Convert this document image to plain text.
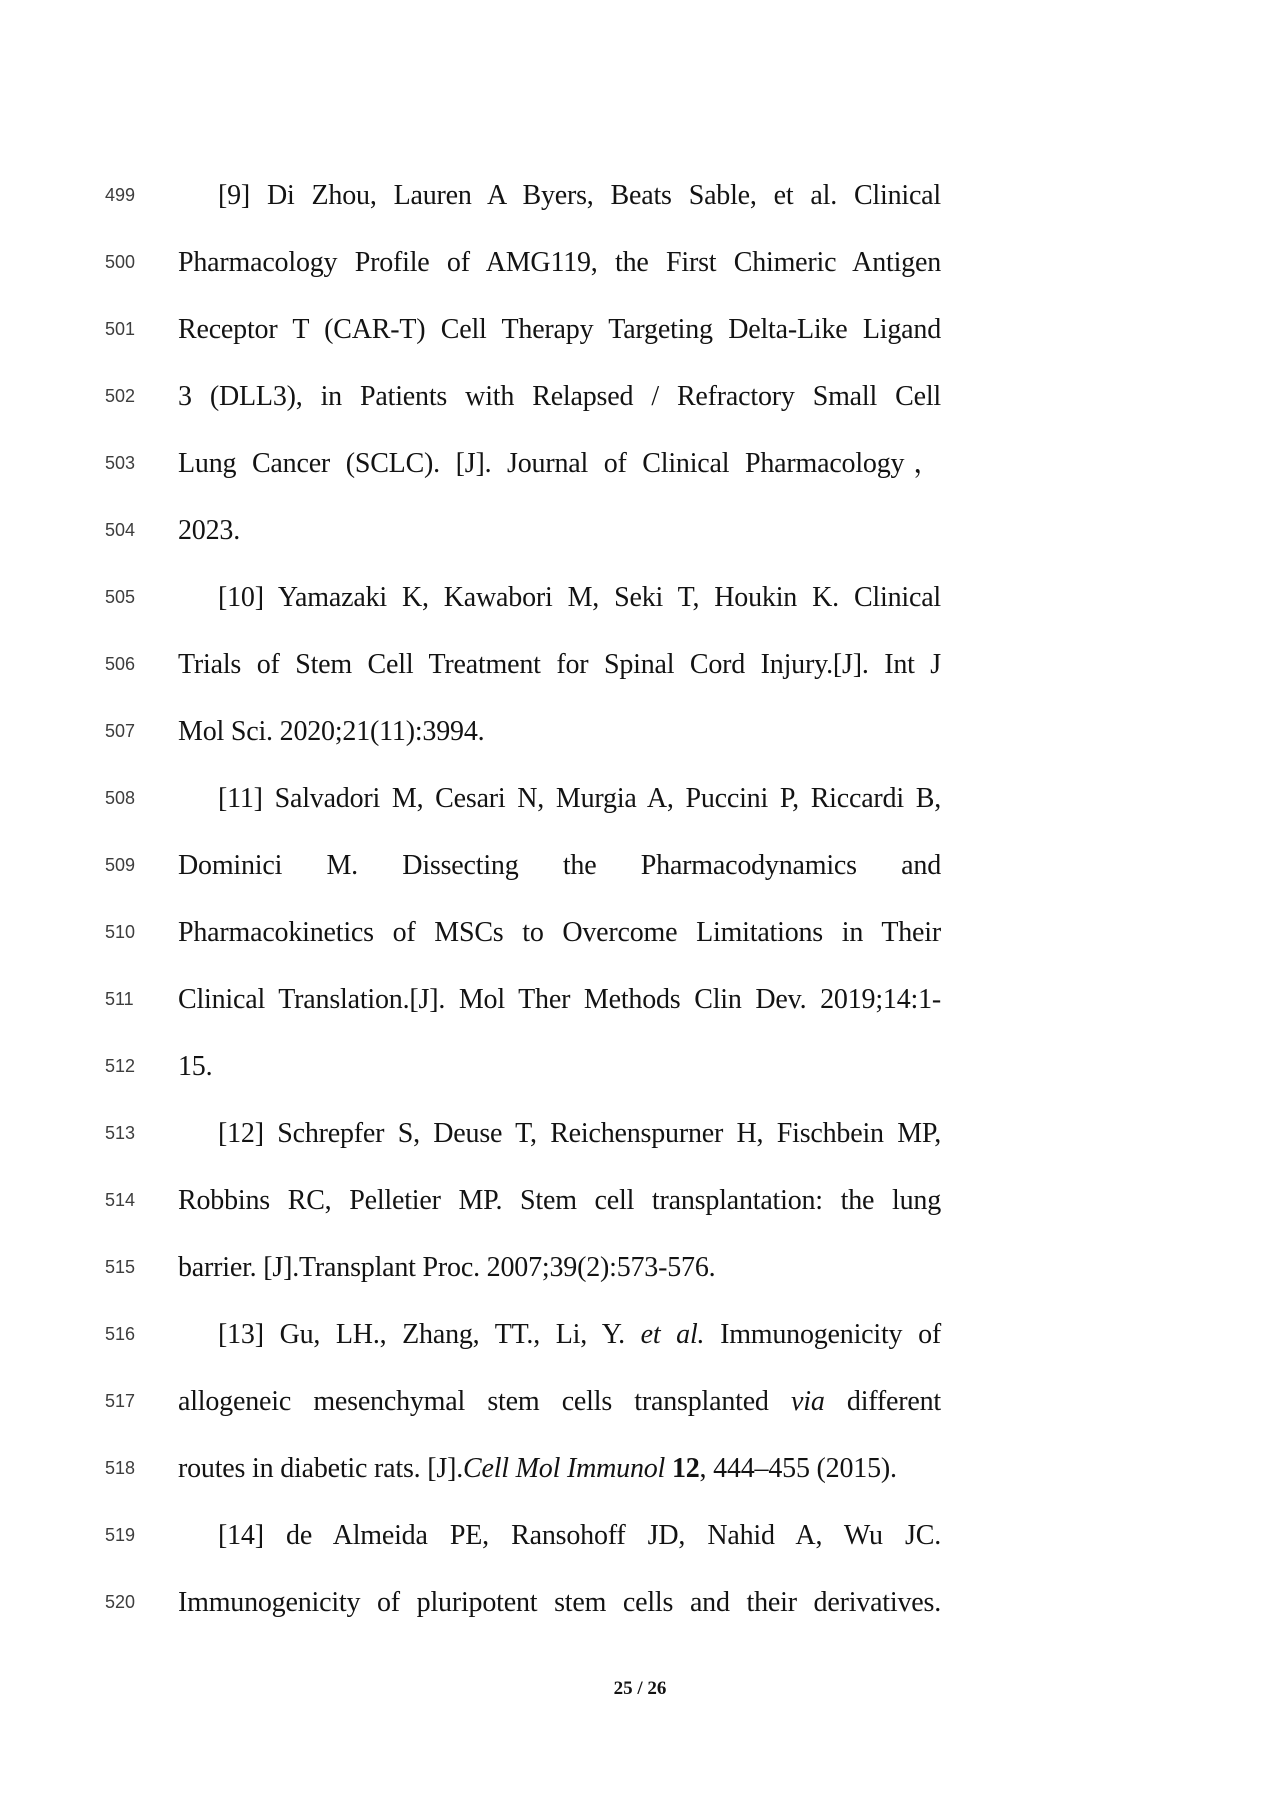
499	[9] Di Zhou, Lauren A Byers, Beats Sable, et al. Clinical
500 Pharmacology Profile of AMG119, the First Chimeric Antigen
501 Receptor T (CAR-T) Cell Therapy Targeting Delta-Like Ligand
502 3 (DLL3), in Patients with Relapsed / Refractory Small Cell
503 Lung Cancer (SCLC). [J]. Journal of Clinical Pharmacology，
504 2023.
505	[10] Yamazaki K, Kawabori M, Seki T, Houkin K. Clinical
506 Trials of Stem Cell Treatment for Spinal Cord Injury.[J]. Int J
507 Mol Sci. 2020;21(11):3994.
508	[11] Salvadori M, Cesari N, Murgia A, Puccini P, Riccardi B,
509 Dominici M. Dissecting the Pharmacodynamics and
510 Pharmacokinetics of MSCs to Overcome Limitations in Their
511 Clinical Translation.[J]. Mol Ther Methods Clin Dev. 2019;14:1-
512 15.
513	[12] Schrepfer S, Deuse T, Reichenspurner H, Fischbein MP,
514 Robbins RC, Pelletier MP. Stem cell transplantation: the lung
515 barrier. [J].Transplant Proc. 2007;39(2):573-576.
516	[13] Gu, LH., Zhang, TT., Li, Y. et al. Immunogenicity of
517 allogeneic mesenchymal stem cells transplanted via different
518 routes in diabetic rats. [J].Cell Mol Immunol 12, 444–455 (2015).
519	[14] de Almeida PE, Ransohoff JD, Nahid A, Wu JC.
520 Immunogenicity of pluripotent stem cells and their derivatives.
25 / 26
